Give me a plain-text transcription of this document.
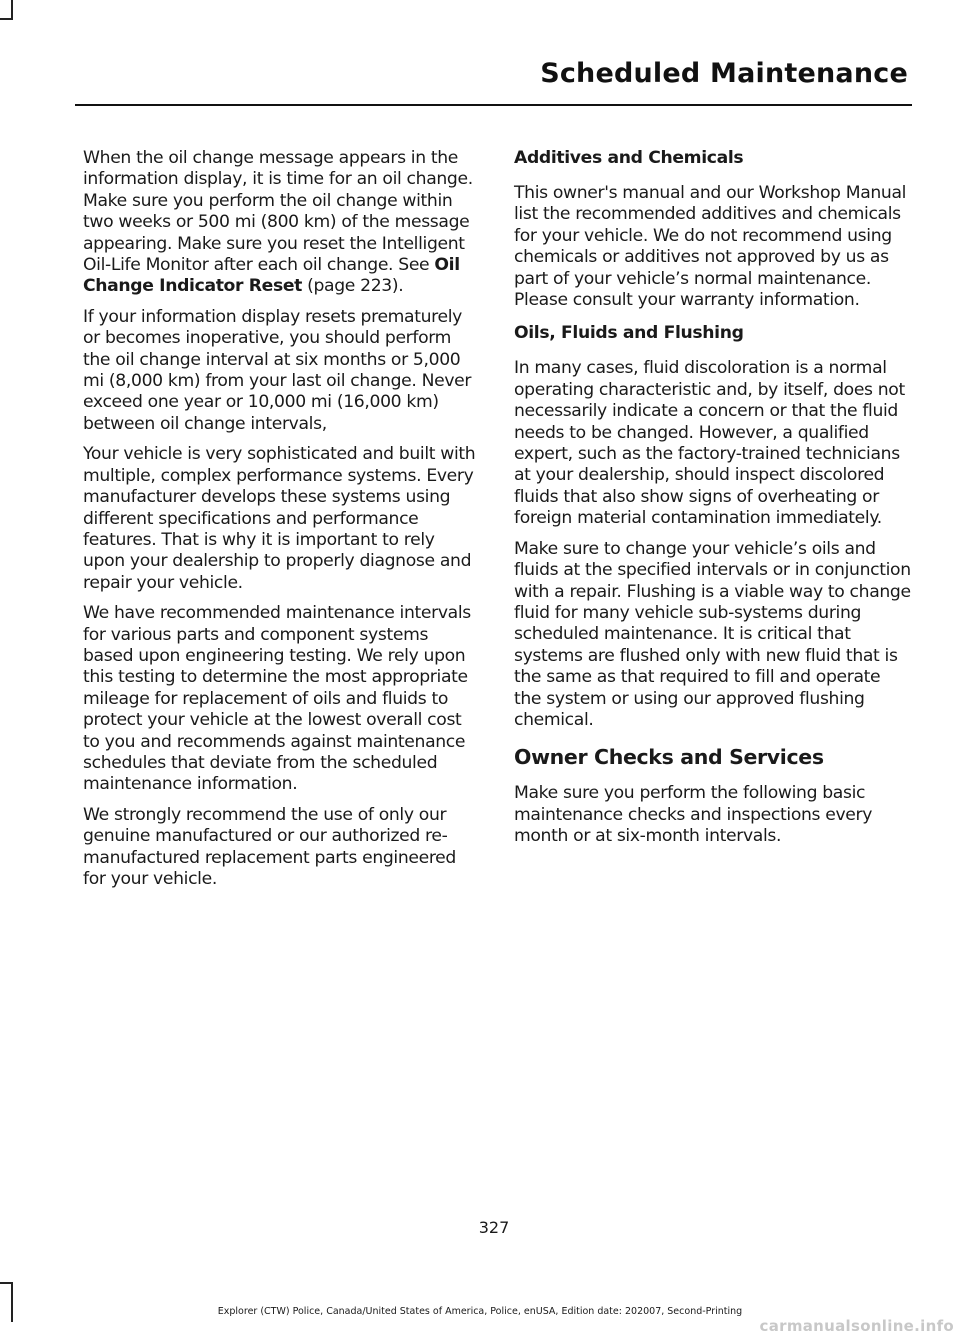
Scheduled Maintenance

When the oil change message appears in the information display, it is time for an oil change. Make sure you perform the oil change within two weeks or 500 mi (800 km) of the message appearing. Make sure you reset the Intelligent Oil-Life Monitor after each oil change. See Oil Change Indicator Reset (page 223).

If your information display resets prematurely or becomes inoperative, you should perform the oil change interval at six months or 5,000 mi (8,000 km) from your last oil change. Never exceed one year or 10,000 mi (16,000 km) between oil change intervals,

Your vehicle is very sophisticated and built with multiple, complex performance systems. Every manufacturer develops these systems using different specifications and performance features. That is why it is important to rely upon your dealership to properly diagnose and repair your vehicle.

We have recommended maintenance intervals for various parts and component systems based upon engineering testing. We rely upon this testing to determine the most appropriate mileage for replacement of oils and fluids to protect your vehicle at the lowest overall cost to you and recommends against maintenance schedules that deviate from the scheduled maintenance information.

We strongly recommend the use of only our genuine manufactured or our authorized re-manufactured replacement parts engineered for your vehicle.

Additives and Chemicals

This owner's manual and our Workshop Manual list the recommended additives and chemicals for your vehicle. We do not recommend using chemicals or additives not approved by us as part of your vehicle’s normal maintenance. Please consult your warranty information.

Oils, Fluids and Flushing

In many cases, fluid discoloration is a normal operating characteristic and, by itself, does not necessarily indicate a concern or that the fluid needs to be changed. However, a qualified expert, such as the factory-trained technicians at your dealership, should inspect discolored fluids that also show signs of overheating or foreign material contamination immediately.

Make sure to change your vehicle’s oils and fluids at the specified intervals or in conjunction with a repair. Flushing is a viable way to change fluid for many vehicle sub-systems during scheduled maintenance. It is critical that systems are flushed only with new fluid that is the same as that required to fill and operate the system or using our approved flushing chemical.

Owner Checks and Services

Make sure you perform the following basic maintenance checks and inspections every month or at six-month intervals.

327
Explorer (CTW) Police, Canada/United States of America, Police, enUSA, Edition date: 202007, Second-Printing
carmanualsonline.info
